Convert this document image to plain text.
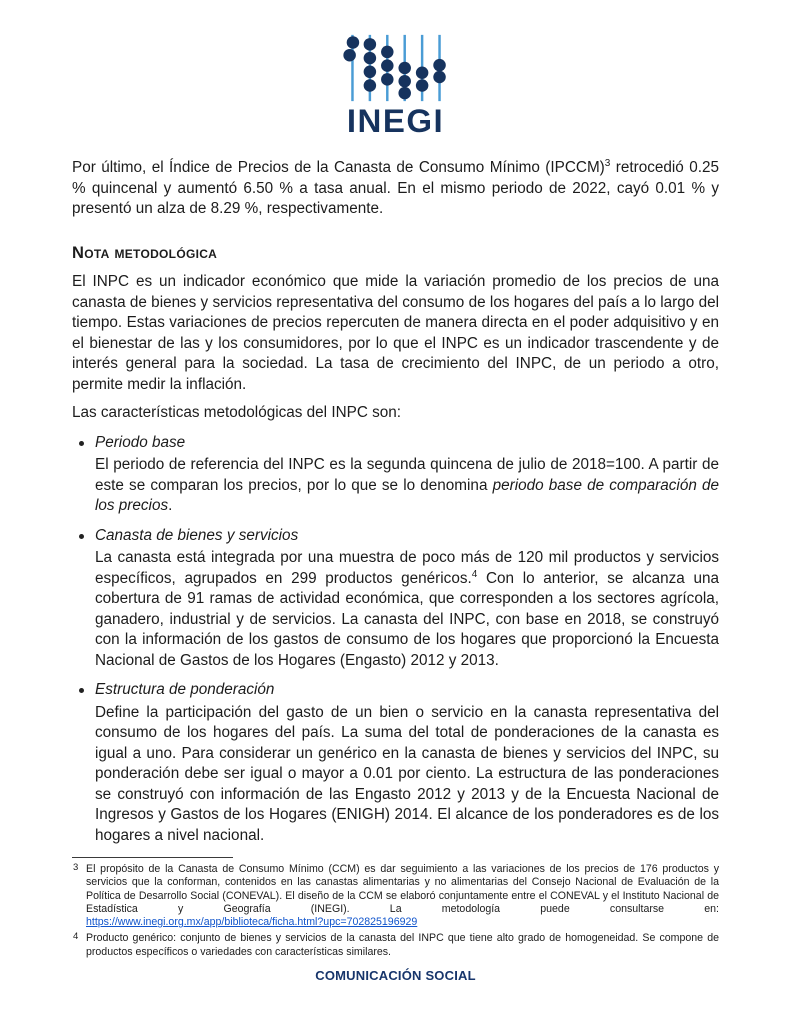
INEGI

Por último, el Índice de Precios de la Canasta de Consumo Mínimo (IPCCM)$^3$ retrocedió 0.25 % quincenal y aumentó 6.50 % a tasa anual. En el mismo periodo de 2022, cayó 0.01 % y presentó un alza de 8.29 %, respectivamente.

Nota metodológica

El INPC es un indicador económico que mide la variación promedio de los precios de una canasta de bienes y servicios representativa del consumo de los hogares del país a lo largo del tiempo. Estas variaciones de precios repercuten de manera directa en el poder adquisitivo y en el bienestar de las y los consumidores, por lo que el INPC es un indicador trascendente y de interés general para la sociedad. La tasa de crecimiento del INPC, de un periodo a otro, permite medir la inflación.

Las características metodológicas del INPC son:

Periodo base
El periodo de referencia del INPC es la segunda quincena de julio de 2018=100. A partir de este se comparan los precios, por lo que se lo denomina periodo base de comparación de los precios.
Canasta de bienes y servicios
La canasta está integrada por una muestra de poco más de 120 mil productos y servicios específicos, agrupados en 299 productos genéricos.$^4$ Con lo anterior, se alcanza una cobertura de 91 ramas de actividad económica, que corresponden a los sectores agrícola, ganadero, industrial y de servicios. La canasta del INPC, con base en 2018, se construyó con la información de los gastos de consumo de los hogares que proporcionó la Encuesta Nacional de Gastos de los Hogares (Engasto) 2012 y 2013.
Estructura de ponderación
Define la participación del gasto de un bien o servicio en la canasta representativa del consumo de los hogares del país. La suma del total de ponderaciones de la canasta es igual a uno. Para considerar un genérico en la canasta de bienes y servicios del INPC, su ponderación debe ser igual o mayor a 0.01 por ciento. La estructura de las ponderaciones se construyó con información de las Engasto 2012 y 2013 y de la Encuesta Nacional de Ingresos y Gastos de los Hogares (ENIGH) 2014. El alcance de los ponderadores es de los hogares a nivel nacional.
3 El propósito de la Canasta de Consumo Mínimo (CCM) es dar seguimiento a las variaciones de los precios de 176 productos y servicios que la conforman, contenidos en las canastas alimentarias y no alimentarias del Consejo Nacional de Evaluación de la Política de Desarrollo Social (CONEVAL). El diseño de la CCM se elaboró conjuntamente entre el CONEVAL y el Instituto Nacional de Estadística y Geografía (INEGI). La metodología puede consultarse en: https://www.inegi.org.mx/app/biblioteca/ficha.html?upc=702825196929
4 Producto genérico: conjunto de bienes y servicios de la canasta del INPC que tiene alto grado de homogeneidad. Se compone de productos específicos o variedades con características similares.
COMUNICACIÓN SOCIAL
